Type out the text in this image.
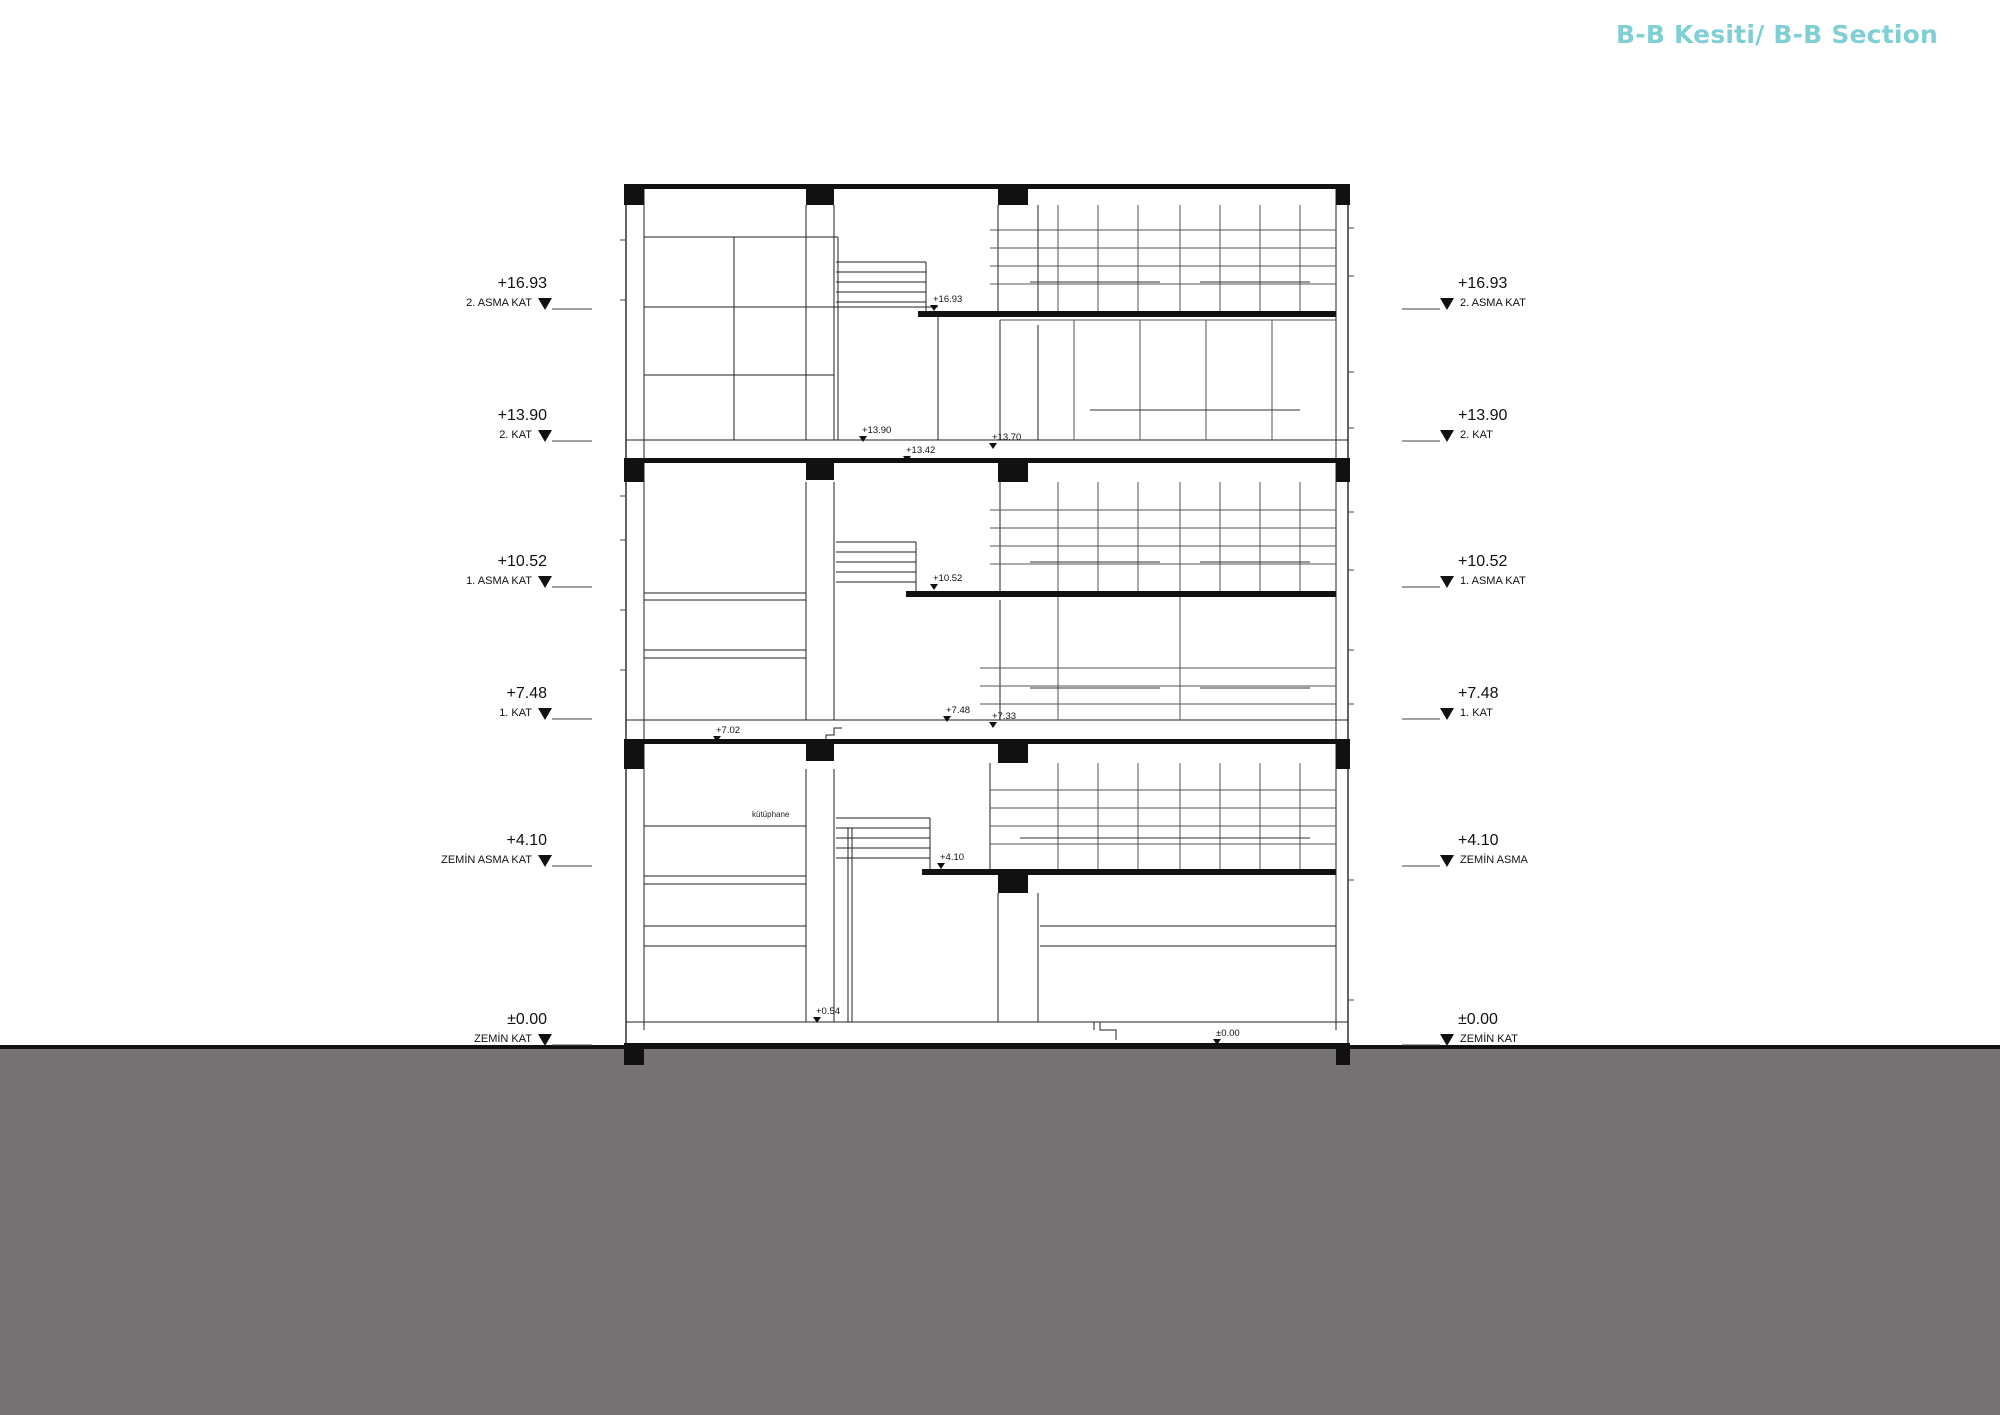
B-B Kesiti/ B-B Section
+16.93
2. ASMA KAT
+16.93
2. ASMA KAT
+13.90
2. KAT
+13.90
2. KAT
+10.52
1. ASMA KAT
+10.52
1. ASMA KAT
+7.48
1. KAT
+7.48
1. KAT
+4.10
ZEMİN ASMA KAT
+4.10
ZEMİN ASMA
±0.00
ZEMİN KAT
±0.00
ZEMİN KAT
+16.93
+13.90
+13.42
+13.70
+10.52
+7.48
+7.33
+7.02
+4.10
+0.54
±0.00
kütüphane
